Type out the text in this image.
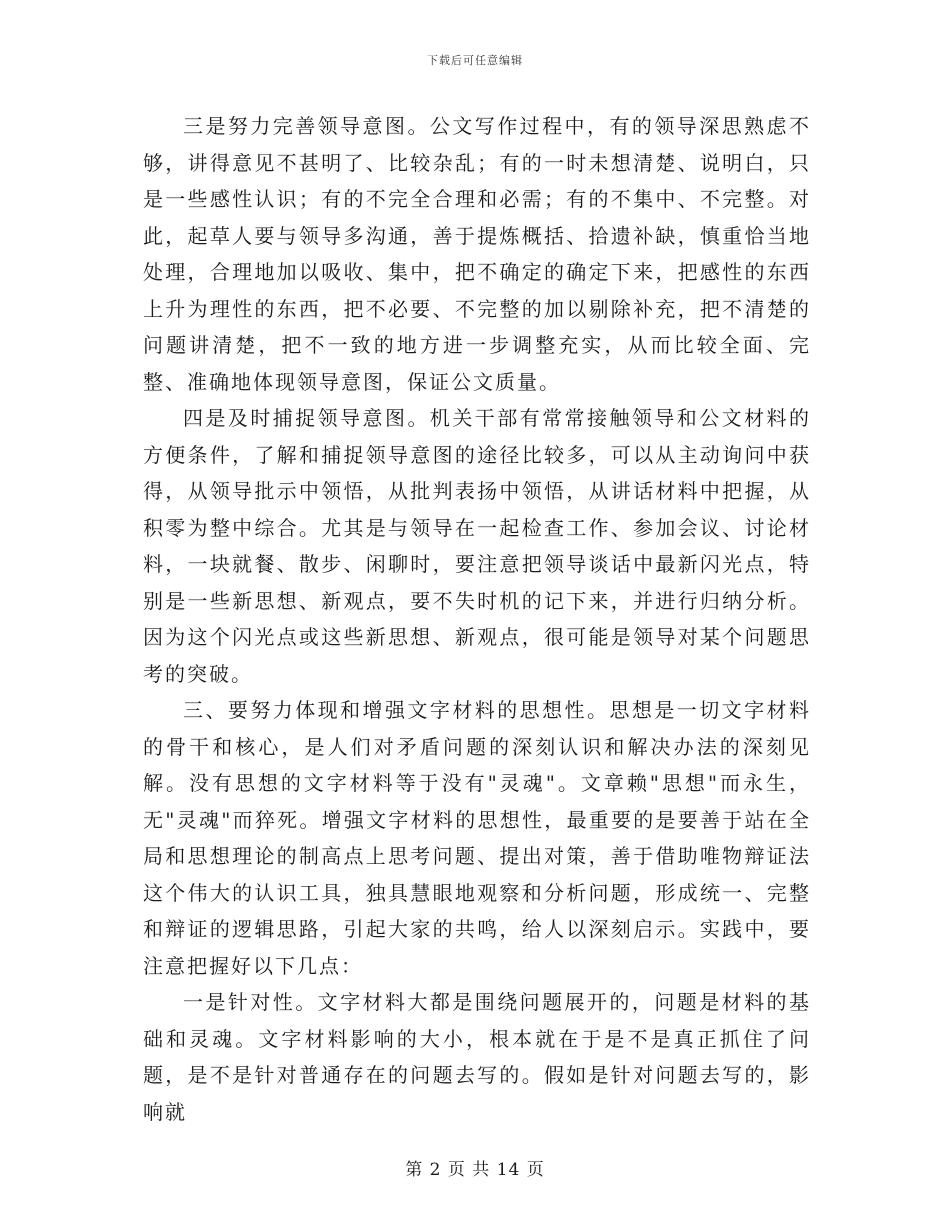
下载后可任意编辑

三是努力完善领导意图。公文写作过程中，有的领导深思熟虑不够，讲得意见不甚明了、比较杂乱；有的一时未想清楚、说明白，只是一些感性认识；有的不完全合理和必需；有的不集中、不完整。对此，起草人要与领导多沟通，善于提炼概括、拾遗补缺，慎重恰当地处理，合理地加以吸收、集中，把不确定的确定下来，把感性的东西上升为理性的东西，把不必要、不完整的加以剔除补充，把不清楚的问题讲清楚，把不一致的地方进一步调整充实，从而比较全面、完整、准确地体现领导意图，保证公文质量。

四是及时捕捉领导意图。机关干部有常常接触领导和公文材料的方便条件，了解和捕捉领导意图的途径比较多，可以从主动询问中获得，从领导批示中领悟，从批判表扬中领悟，从讲话材料中把握，从积零为整中综合。尤其是与领导在一起检查工作、参加会议、讨论材料，一块就餐、散步、闲聊时，要注意把领导谈话中最新闪光点，特别是一些新思想、新观点，要不失时机的记下来，并进行归纳分析。因为这个闪光点或这些新思想、新观点，很可能是领导对某个问题思考的突破。

三、要努力体现和增强文字材料的思想性。思想是一切文字材料的骨干和核心，是人们对矛盾问题的深刻认识和解决办法的深刻见解。没有思想的文字材料等于没有"灵魂"。文章赖"思想"而永生，无"灵魂"而猝死。增强文字材料的思想性，最重要的是要善于站在全局和思想理论的制高点上思考问题、提出对策，善于借助唯物辩证法这个伟大的认识工具，独具慧眼地观察和分析问题，形成统一、完整和辩证的逻辑思路，引起大家的共鸣，给人以深刻启示。实践中，要注意把握好以下几点：

一是针对性。文字材料大都是围绕问题展开的，问题是材料的基础和灵魂。文字材料影响的大小，根本就在于是不是真正抓住了问题，是不是针对普通存在的问题去写的。假如是针对问题去写的，影响就

第 2 页 共 14 页
